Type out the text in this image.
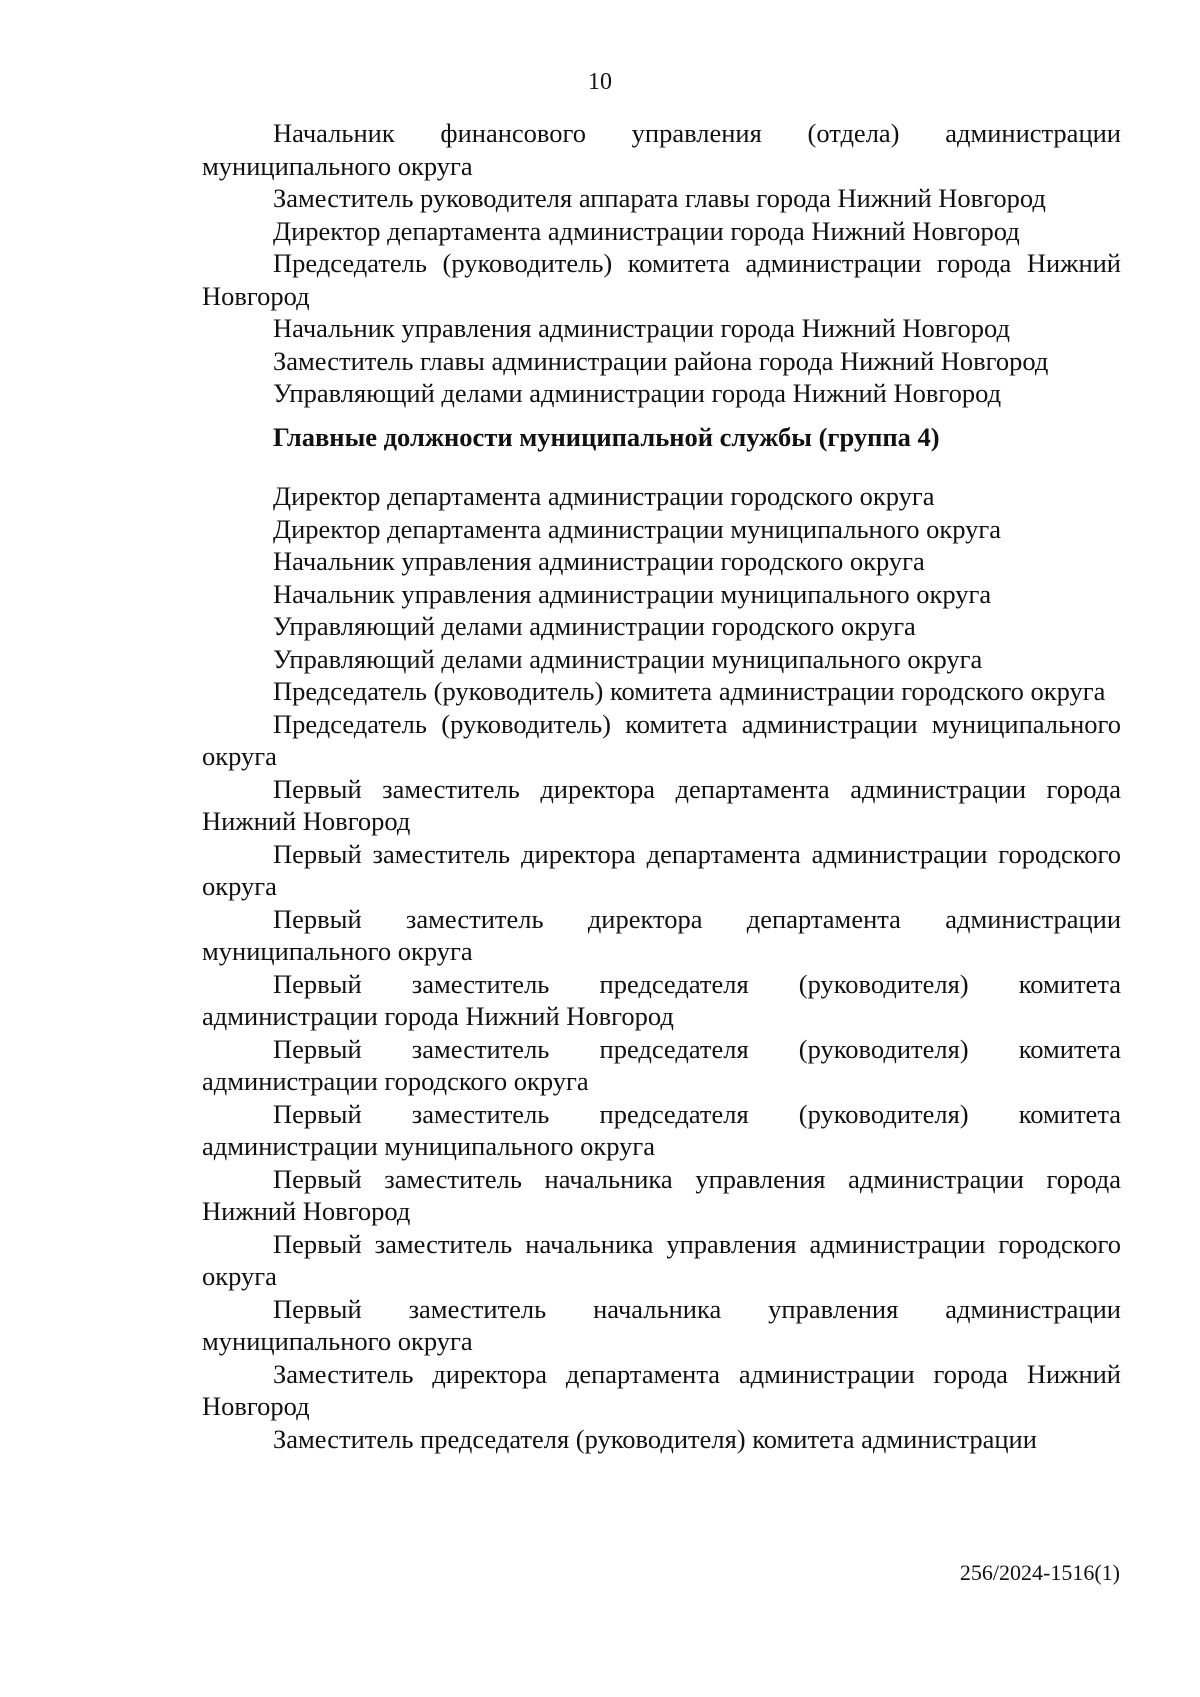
10

Начальник финансового управления (отдела) администрации муниципального округа

Заместитель руководителя аппарата главы города Нижний Новгород

Директор департамента администрации города Нижний Новгород

Председатель (руководитель) комитета администрации города Нижний Новгород

Начальник управления администрации города Нижний Новгород

Заместитель главы администрации района города Нижний Новгород

Управляющий делами администрации города Нижний Новгород

Главные должности муниципальной службы (группа 4)

Директор департамента администрации городского округа

Директор департамента администрации муниципального округа

Начальник управления администрации городского округа

Начальник управления администрации муниципального округа

Управляющий делами администрации городского округа

Управляющий делами администрации муниципального округа

Председатель (руководитель) комитета администрации городского округа

Председатель (руководитель) комитета администрации муниципального округа

Первый заместитель директора департамента администрации города Нижний Новгород

Первый заместитель директора департамента администрации городского округа

Первый заместитель директора департамента администрации муниципального округа

Первый заместитель председателя (руководителя) комитета администрации города Нижний Новгород

Первый заместитель председателя (руководителя) комитета администрации городского округа

Первый заместитель председателя (руководителя) комитета администрации муниципального округа

Первый заместитель начальника управления администрации города Нижний Новгород

Первый заместитель начальника управления администрации городского округа

Первый заместитель начальника управления администрации муниципального округа

Заместитель директора департамента администрации города Нижний Новгород

Заместитель председателя (руководителя) комитета администрации

256/2024-1516(1)
